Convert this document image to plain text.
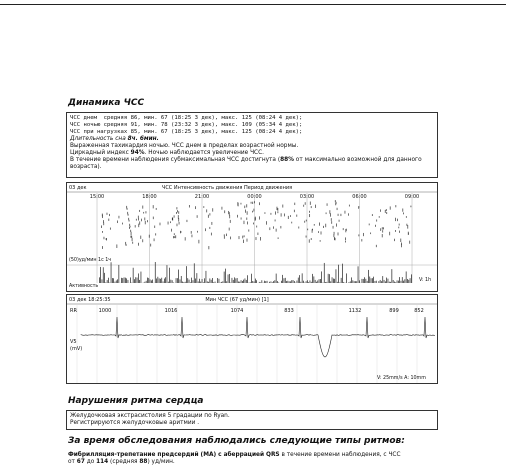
Динамика ЧСС
ЧСС днем  средняя 86, мин. 67 (18:25 3 дек), макс. 125 (08:24 4 дек);
ЧСС ночью средняя 91, мин. 78 (23:32 3 дек), макс. 109 (05:34 4 дек);
ЧСС при нагрузках 85, мин. 67 (18:25 3 дек), макс. 125 (08:24 4 дек);
Длительность сна 8ч. 6мин.
Выраженная тахикардия ночью. ЧСС днем в пределах возрастной нормы.
Циркадный индекс 94%. Ночью наблюдается увеличение ЧСС.
В течение времени наблюдения субмаксимальная ЧСС достигнута (88% от максимально возможной для данного возраста).
03 дек	ЧСС Интенсивность движения Период движения
15:00	18:00	21:00	00:00	03:00	06:00	09:00
(50)уд/мин 1с 1ч
Активность
V: 1h
03 дек 18:25:35	Мин ЧСС (67 уд/мин) [1]
RR	1000	1016	1074	833	1132	899	852
V5
(mV)
V: 25mm/s A: 10mm
Нарушения ритма сердца
Желудочковая экстрасистолия 5 градации по Ryan.
Регистрируются желудочковые аритмии .
За время обследования наблюдались следующие типы ритмов:
Фибрилляция-трепетание предсердий (МА) с аберрацией QRS в течение времени наблюдения, с ЧСС
от 67 до 114 (средняя 88) уд/мин.
